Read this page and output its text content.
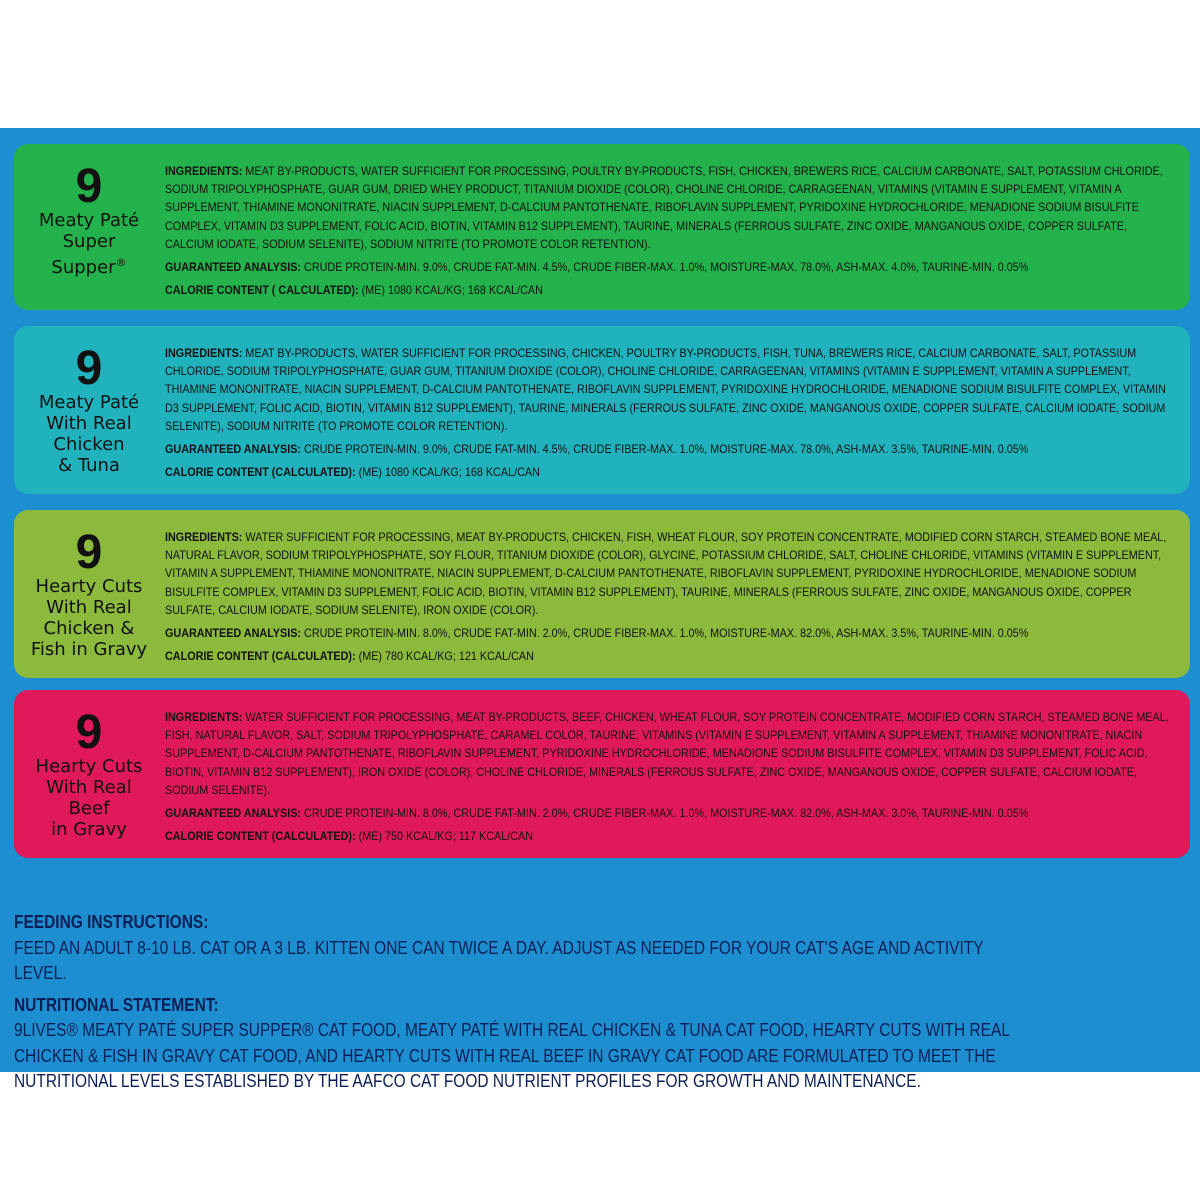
9
Meaty Paté
Super
Supper®

INGREDIENTS: MEAT BY-PRODUCTS, WATER SUFFICIENT FOR PROCESSING, POULTRY BY-PRODUCTS, FISH, CHICKEN, BREWERS RICE, CALCIUM CARBONATE, SALT, POTASSIUM CHLORIDE, SODIUM TRIPOLYPHOSPHATE, GUAR GUM, DRIED WHEY PRODUCT, TITANIUM DIOXIDE (COLOR), CHOLINE CHLORIDE, CARRAGEENAN, VITAMINS (VITAMIN E SUPPLEMENT, VITAMIN A SUPPLEMENT, THIAMINE MONONITRATE, NIACIN SUPPLEMENT, D-CALCIUM PANTOTHENATE, RIBOFLAVIN SUPPLEMENT, PYRIDOXINE HYDROCHLORIDE, MENADIONE SODIUM BISULFITE COMPLEX, VITAMIN D3 SUPPLEMENT, FOLIC ACID, BIOTIN, VITAMIN B12 SUPPLEMENT), TAURINE, MINERALS (FERROUS SULFATE, ZINC OXIDE, MANGANOUS OXIDE, COPPER SULFATE, CALCIUM IODATE, SODIUM SELENITE), SODIUM NITRITE (TO PROMOTE COLOR RETENTION).

GUARANTEED ANALYSIS: CRUDE PROTEIN-MIN. 9.0%, CRUDE FAT-MIN. 4.5%, CRUDE FIBER-MAX. 1.0%, MOISTURE-MAX. 78.0%, ASH-MAX. 4.0%, TAURINE-MIN. 0.05%

CALORIE CONTENT ( CALCULATED): (ME) 1080 KCAL/KG; 168 KCAL/CAN

9
Meaty Paté
With Real
Chicken
& Tuna

INGREDIENTS: MEAT BY-PRODUCTS, WATER SUFFICIENT FOR PROCESSING, CHICKEN, POULTRY BY-PRODUCTS, FISH, TUNA, BREWERS RICE, CALCIUM CARBONATE, SALT, POTASSIUM CHLORIDE, SODIUM TRIPOLYPHOSPHATE, GUAR GUM, TITANIUM DIOXIDE (COLOR), CHOLINE CHLORIDE, CARRAGEENAN, VITAMINS (VITAMIN E SUPPLEMENT, VITAMIN A SUPPLEMENT, THIAMINE MONONITRATE, NIACIN SUPPLEMENT, D-CALCIUM PANTOTHENATE, RIBOFLAVIN SUPPLEMENT, PYRIDOXINE HYDROCHLORIDE, MENADIONE SODIUM BISULFITE COMPLEX, VITAMIN D3 SUPPLEMENT, FOLIC ACID, BIOTIN, VITAMIN B12 SUPPLEMENT), TAURINE, MINERALS (FERROUS SULFATE, ZINC OXIDE, MANGANOUS OXIDE, COPPER SULFATE, CALCIUM IODATE, SODIUM SELENITE), SODIUM NITRITE (TO PROMOTE COLOR RETENTION).

GUARANTEED ANALYSIS: CRUDE PROTEIN-MIN. 9.0%, CRUDE FAT-MIN. 4.5%, CRUDE FIBER-MAX. 1.0%, MOISTURE-MAX. 78.0%, ASH-MAX. 3.5%, TAURINE-MIN. 0.05%

CALORIE CONTENT (CALCULATED): (ME) 1080 KCAL/KG; 168 KCAL/CAN

9
Hearty Cuts
With Real
Chicken &
Fish in Gravy

INGREDIENTS: WATER SUFFICIENT FOR PROCESSING, MEAT BY-PRODUCTS, CHICKEN, FISH, WHEAT FLOUR, SOY PROTEIN CONCENTRATE, MODIFIED CORN STARCH, STEAMED BONE MEAL, NATURAL FLAVOR, SODIUM TRIPOLYPHOSPHATE, SOY FLOUR, TITANIUM DIOXIDE (COLOR), GLYCINE, POTASSIUM CHLORIDE, SALT, CHOLINE CHLORIDE, VITAMINS (VITAMIN E SUPPLEMENT, VITAMIN A SUPPLEMENT, THIAMINE MONONITRATE, NIACIN SUPPLEMENT, D-CALCIUM PANTOTHENATE, RIBOFLAVIN SUPPLEMENT, PYRIDOXINE HYDROCHLORIDE, MENADIONE SODIUM BISULFITE COMPLEX, VITAMIN D3 SUPPLEMENT, FOLIC ACID, BIOTIN, VITAMIN B12 SUPPLEMENT), TAURINE, MINERALS (FERROUS SULFATE, ZINC OXIDE, MANGANOUS OXIDE, COPPER SULFATE, CALCIUM IODATE, SODIUM SELENITE), IRON OXIDE (COLOR).

GUARANTEED ANALYSIS: CRUDE PROTEIN-MIN. 8.0%, CRUDE FAT-MIN. 2.0%, CRUDE FIBER-MAX. 1.0%, MOISTURE-MAX. 82.0%, ASH-MAX. 3.5%, TAURINE-MIN. 0.05%

CALORIE CONTENT (CALCULATED): (ME) 780 KCAL/KG; 121 KCAL/CAN

9
Hearty Cuts
With Real
Beef
in Gravy

INGREDIENTS: WATER SUFFICIENT FOR PROCESSING, MEAT BY-PRODUCTS, BEEF, CHICKEN, WHEAT FLOUR, SOY PROTEIN CONCENTRATE, MODIFIED CORN STARCH, STEAMED BONE MEAL, FISH, NATURAL FLAVOR, SALT, SODIUM TRIPOLYPHOSPHATE, CARAMEL COLOR, TAURINE, VITAMINS (VITAMIN E SUPPLEMENT, VITAMIN A SUPPLEMENT, THIAMINE MONONITRATE, NIACIN SUPPLEMENT, D-CALCIUM PANTOTHENATE, RIBOFLAVIN SUPPLEMENT, PYRIDOXINE HYDROCHLORIDE, MENADIONE SODIUM BISULFITE COMPLEX, VITAMIN D3 SUPPLEMENT, FOLIC ACID, BIOTIN, VITAMIN B12 SUPPLEMENT), IRON OXIDE (COLOR), CHOLINE CHLORIDE, MINERALS (FERROUS SULFATE, ZINC OXIDE, MANGANOUS OXIDE, COPPER SULFATE, CALCIUM IODATE, SODIUM SELENITE).

GUARANTEED ANALYSIS: CRUDE PROTEIN-MIN. 8.0%, CRUDE FAT-MIN. 2.0%, CRUDE FIBER-MAX. 1.0%, MOISTURE-MAX. 82.0%, ASH-MAX. 3.0%, TAURINE-MIN. 0.05%

CALORIE CONTENT (CALCULATED): (ME) 750 KCAL/KG; 117 KCAL/CAN

FEEDING INSTRUCTIONS:

FEED AN ADULT 8-10 LB. CAT OR A 3 LB. KITTEN ONE CAN TWICE A DAY. ADJUST AS NEEDED FOR YOUR CAT'S AGE AND ACTIVITY LEVEL.

NUTRITIONAL STATEMENT:

9LIVES® MEATY PATÉ SUPER SUPPER® CAT FOOD, MEATY PATÉ WITH REAL CHICKEN & TUNA CAT FOOD, HEARTY CUTS WITH REAL CHICKEN & FISH IN GRAVY CAT FOOD, AND HEARTY CUTS WITH REAL BEEF IN GRAVY CAT FOOD ARE FORMULATED TO MEET THE NUTRITIONAL LEVELS ESTABLISHED BY THE AAFCO CAT FOOD NUTRIENT PROFILES FOR GROWTH AND MAINTENANCE.
